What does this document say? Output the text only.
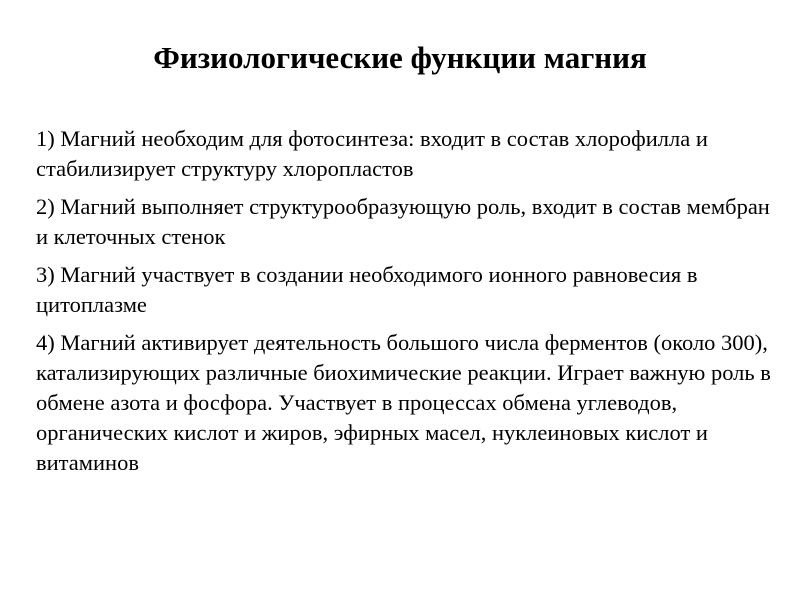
Физиологические функции магния
1) Магний необходим для фотосинтеза: входит в состав хлорофилла и стабилизирует структуру хлоропластов
2) Магний выполняет структурообразующую роль, входит в состав мембран и клеточных стенок
3) Магний участвует в создании необходимого ионного равновесия в цитоплазме
4) Магний активирует деятельность большого числа ферментов (около 300), катализирующих различные биохимические реакции. Играет важную роль в обмене азота и фосфора. Участвует в процессах обмена углеводов, органических кислот и жиров, эфирных масел, нуклеиновых кислот и витаминов
